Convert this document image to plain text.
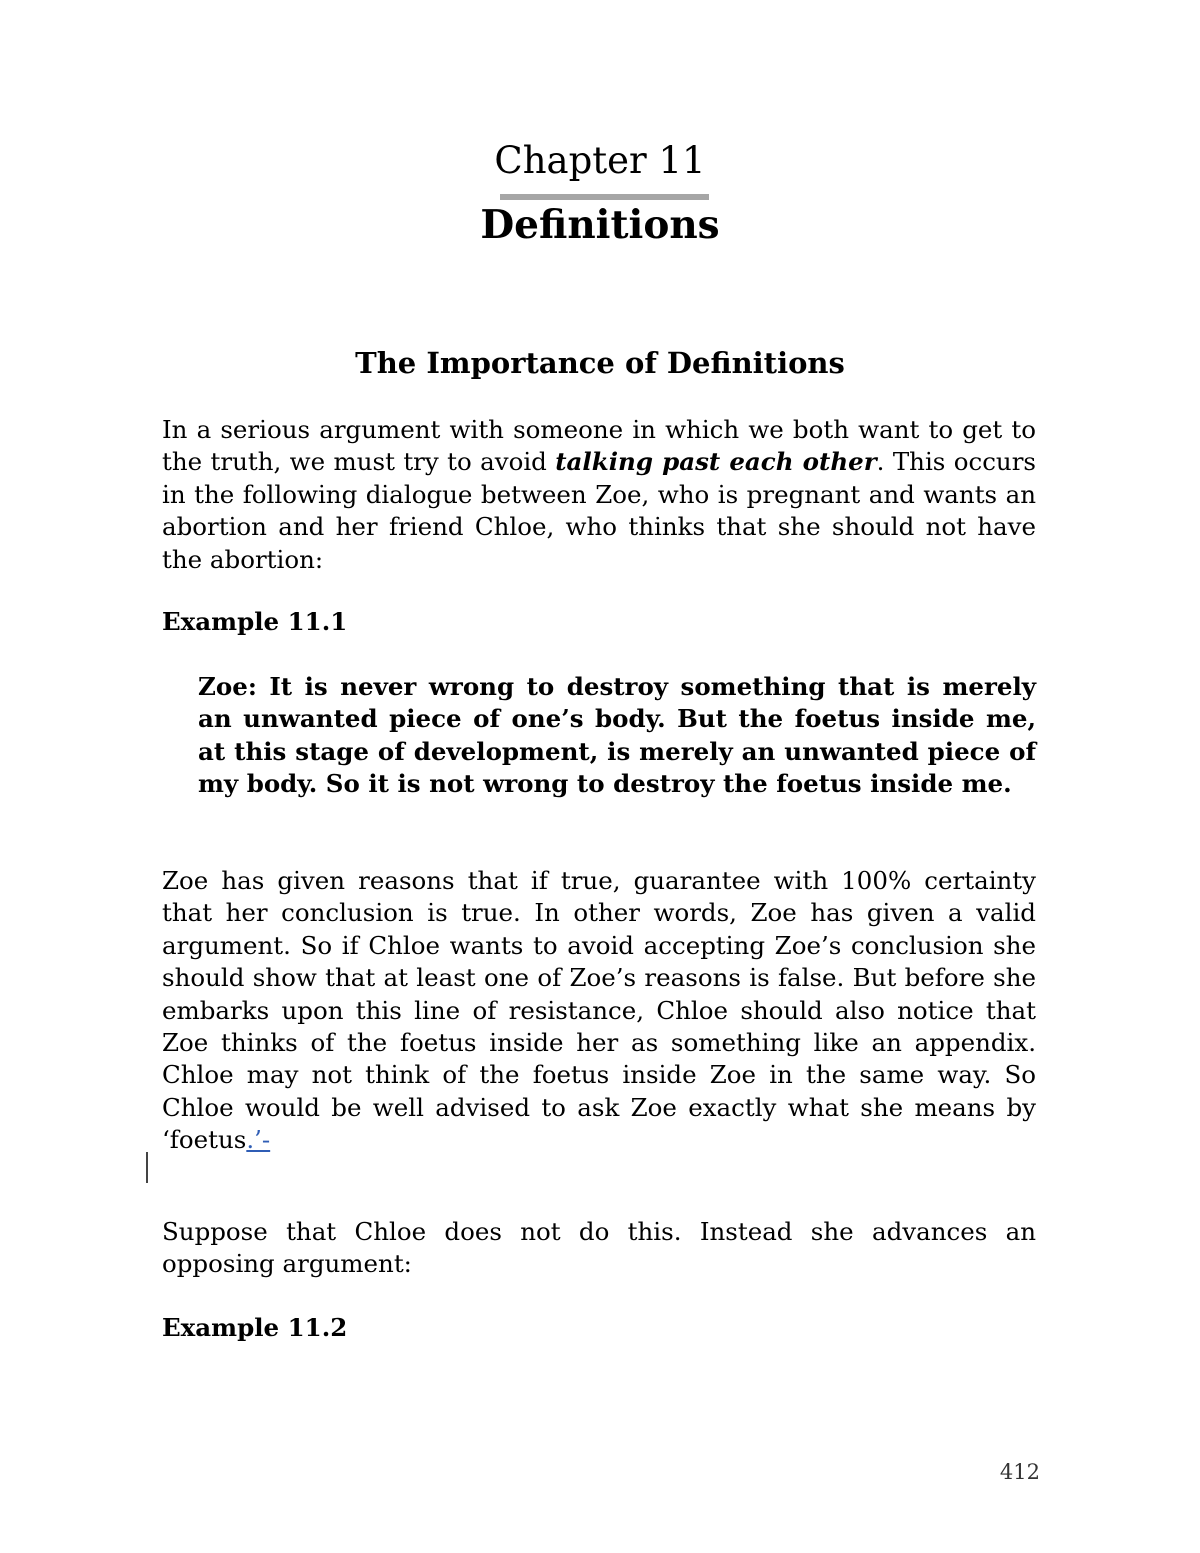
Chapter 11
Definitions
The Importance of Definitions

In a serious argument with someone in which we both want to get to the truth, we must try to avoid talking past each other. This occurs in the following dialogue between Zoe, who is pregnant and wants an abortion and her friend Chloe, who thinks that she should not have the abortion:

Example 11.1

Zoe: It is never wrong to destroy something that is merely an unwanted piece of one’s body. But the foetus inside me, at this stage of development, is merely an unwanted piece of my body. So it is not wrong to destroy the foetus inside me.

Zoe has given reasons that if true, guarantee with 100% certainty that her conclusion is true. In other words, Zoe has given a valid argument. So if Chloe wants to avoid accepting Zoe’s conclusion she should show that at least one of Zoe’s reasons is false. But before she embarks upon this line of resistance, Chloe should also notice that Zoe thinks of the foetus inside her as something like an appendix. Chloe may not think of the foetus inside Zoe in the same way. So Chloe would be well advised to ask Zoe exactly what she means by ‘foetus.’-

Suppose that Chloe does not do this. Instead she advances an opposing argument:

Example 11.2

412
